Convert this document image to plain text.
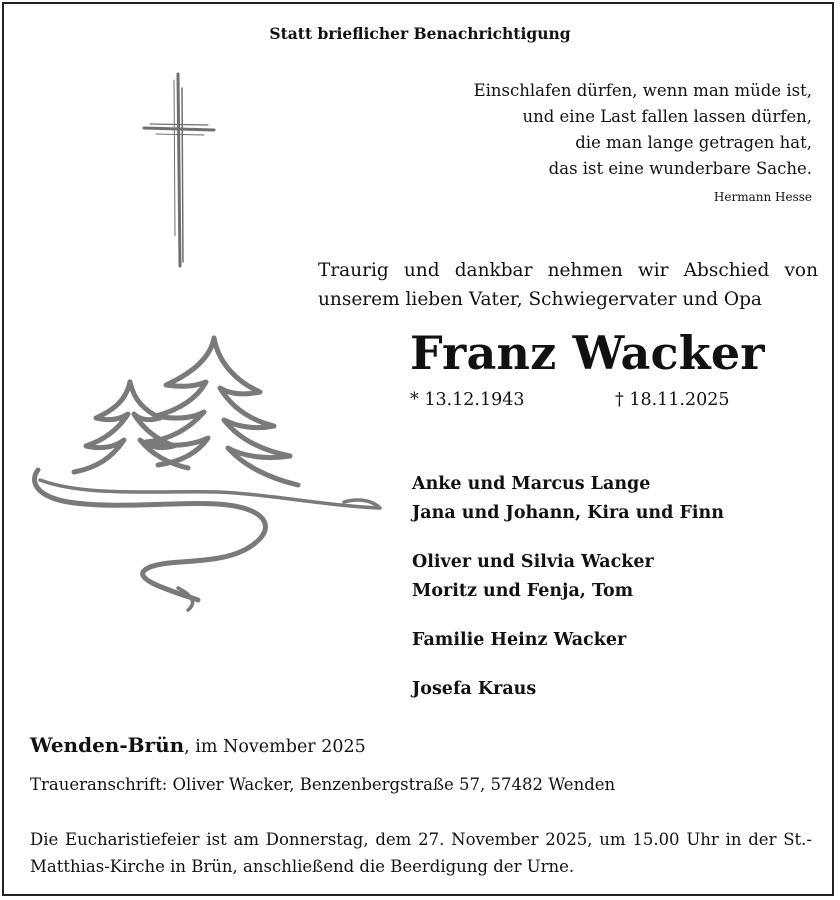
Statt brieflicher Benachrichtigung
Einschlafen dürfen, wenn man müde ist,
und eine Last fallen lassen dürfen,
die man lange getragen hat,
das ist eine wunderbare Sache.
Hermann Hesse
Traurig und dankbar nehmen wir Abschied von unserem lieben Vater, Schwiegervater und Opa
Franz Wacker
* 13.12.1943	† 18.11.2025
Anke und Marcus Lange
Jana und Johann, Kira und Finn
Oliver und Silvia Wacker
Moritz und Fenja, Tom
Familie Heinz Wacker
Josefa Kraus
Wenden-Brün, im November 2025
Traueranschrift: Oliver Wacker, Benzenbergstraße 57, 57482 Wenden
Die Eucharistiefeier ist am Donnerstag, dem 27. November 2025, um 15.00 Uhr in der St.-Matthias-Kirche in Brün, anschließend die Beerdigung der Urne.
